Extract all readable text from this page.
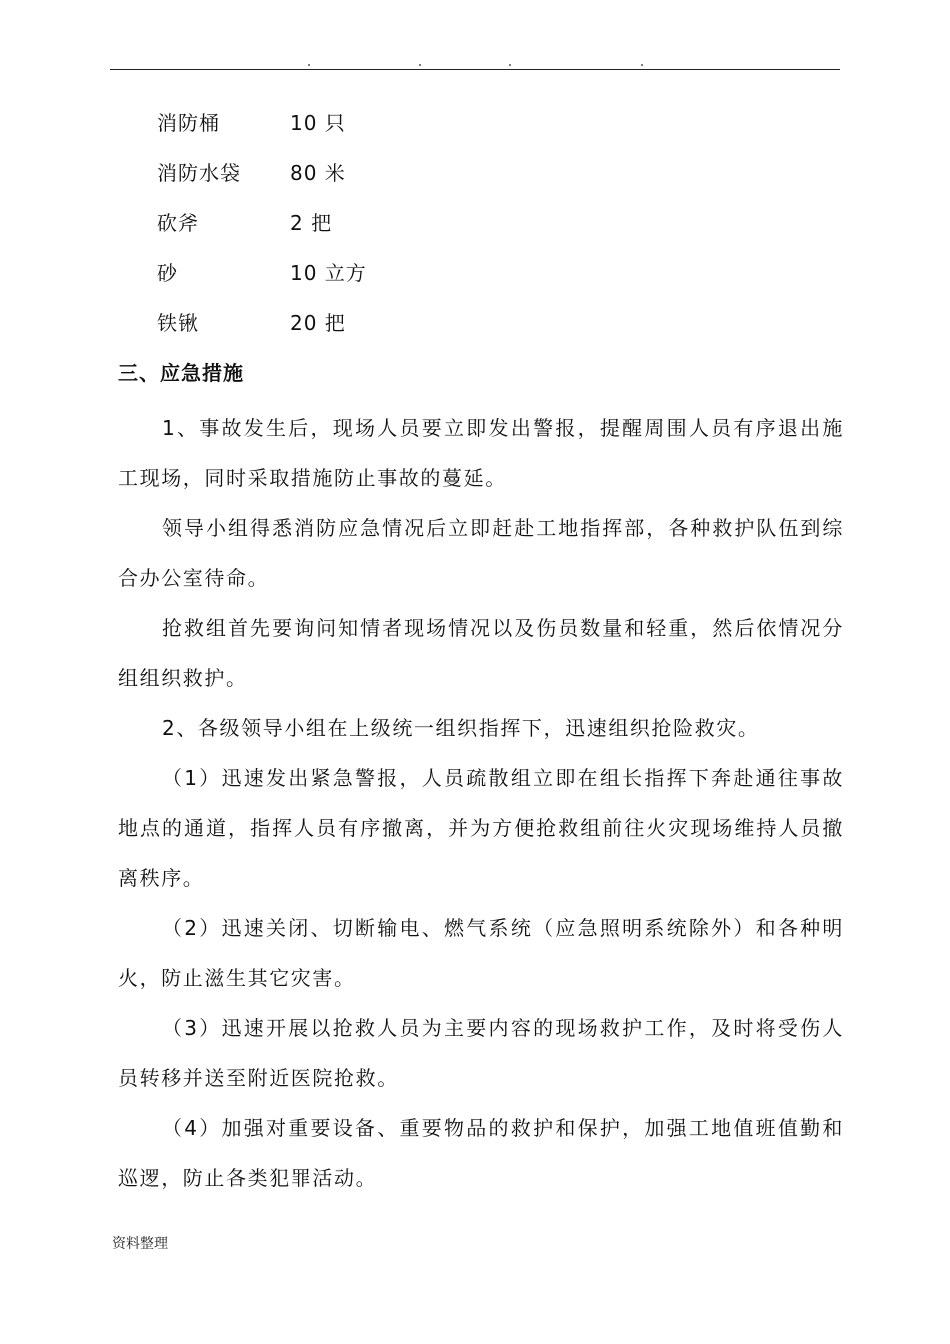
消防桶	10 只
消防水袋	80 米
砍斧	2 把
砂	10 立方
铁锹	20 把
三、应急措施

1、事故发生后，现场人员要立即发出警报，提醒周围人员有序退出施工现场，同时采取措施防止事故的蔓延。

领导小组得悉消防应急情况后立即赶赴工地指挥部，各种救护队伍到综合办公室待命。

抢救组首先要询问知情者现场情况以及伤员数量和轻重，然后依情况分组组织救护。

2、各级领导小组在上级统一组织指挥下，迅速组织抢险救灾。

（1）迅速发出紧急警报，人员疏散组立即在组长指挥下奔赴通往事故地点的通道，指挥人员有序撤离，并为方便抢救组前往火灾现场维持人员撤离秩序。

（2）迅速关闭、切断输电、燃气系统（应急照明系统除外）和各种明火，防止滋生其它灾害。

（3）迅速开展以抢救人员为主要内容的现场救护工作，及时将受伤人员转移并送至附近医院抢救。

（4）加强对重要设备、重要物品的救护和保护，加强工地值班值勤和巡逻，防止各类犯罪活动。

资料整理
